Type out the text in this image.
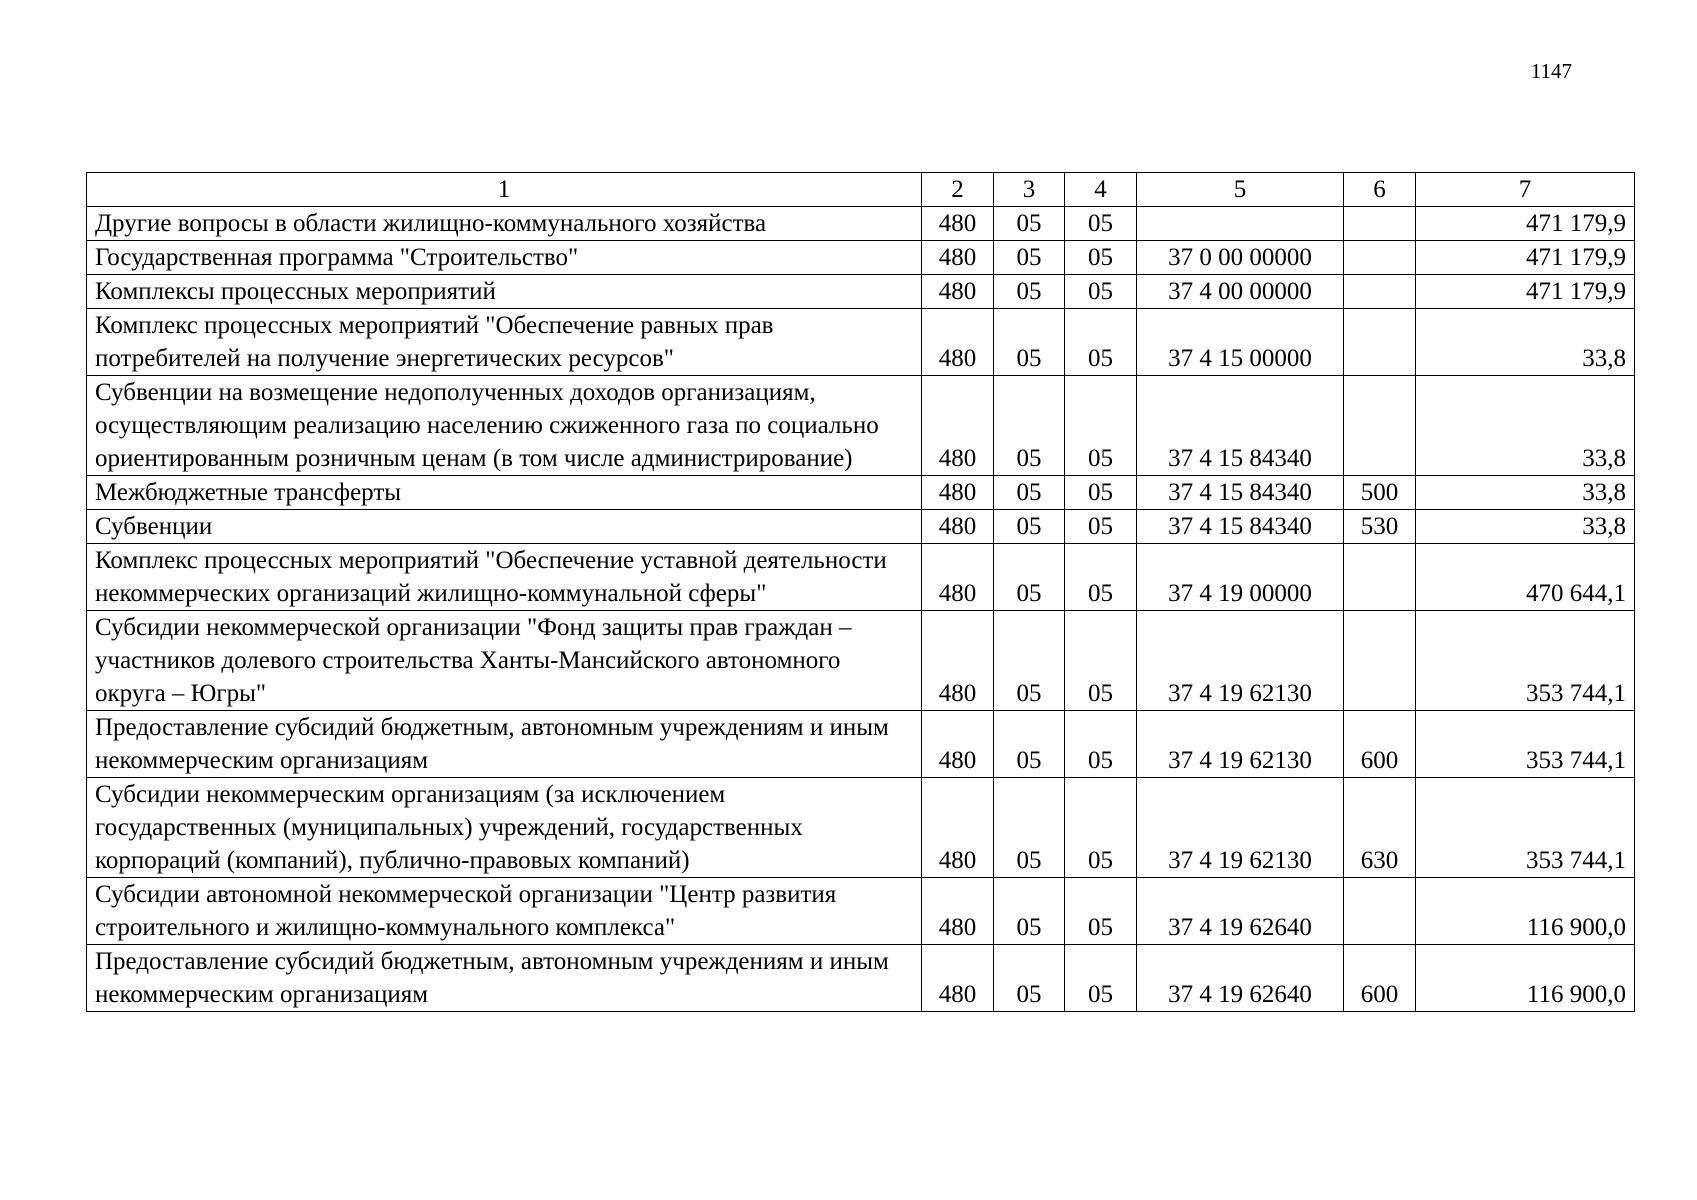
1147
1	2	3	4	5	6	7
Другие вопросы в области жилищно-коммунального хозяйства	480	05	05			471 179,9
Государственная программа "Строительство"	480	05	05	37 0 00 00000		471 179,9
Комплексы процессных мероприятий	480	05	05	37 4 00 00000		471 179,9
Комплекс процессных мероприятий "Обеспечение равных прав потребителей на получение энергетических ресурсов"	480	05	05	37 4 15 00000		33,8
Субвенции на возмещение недополученных доходов организациям, осуществляющим реализацию населению сжиженного газа по социально ориентированным розничным ценам (в том числе администрирование)	480	05	05	37 4 15 84340		33,8
Межбюджетные трансферты	480	05	05	37 4 15 84340	500	33,8
Субвенции	480	05	05	37 4 15 84340	530	33,8
Комплекс процессных мероприятий "Обеспечение уставной деятельности некоммерческих организаций жилищно-коммунальной сферы"	480	05	05	37 4 19 00000		470 644,1
Субсидии некоммерческой организации "Фонд защиты прав граждан – участников долевого строительства Ханты-Мансийского автономного округа – Югры"	480	05	05	37 4 19 62130		353 744,1
Предоставление субсидий бюджетным, автономным учреждениям и иным некоммерческим организациям	480	05	05	37 4 19 62130	600	353 744,1
Субсидии некоммерческим организациям (за исключением государственных (муниципальных) учреждений, государственных корпораций (компаний), публично-правовых компаний)	480	05	05	37 4 19 62130	630	353 744,1
Субсидии автономной некоммерческой организации "Центр развития строительного и жилищно-коммунального комплекса"	480	05	05	37 4 19 62640		116 900,0
Предоставление субсидий бюджетным, автономным учреждениям и иным некоммерческим организациям	480	05	05	37 4 19 62640	600	116 900,0
